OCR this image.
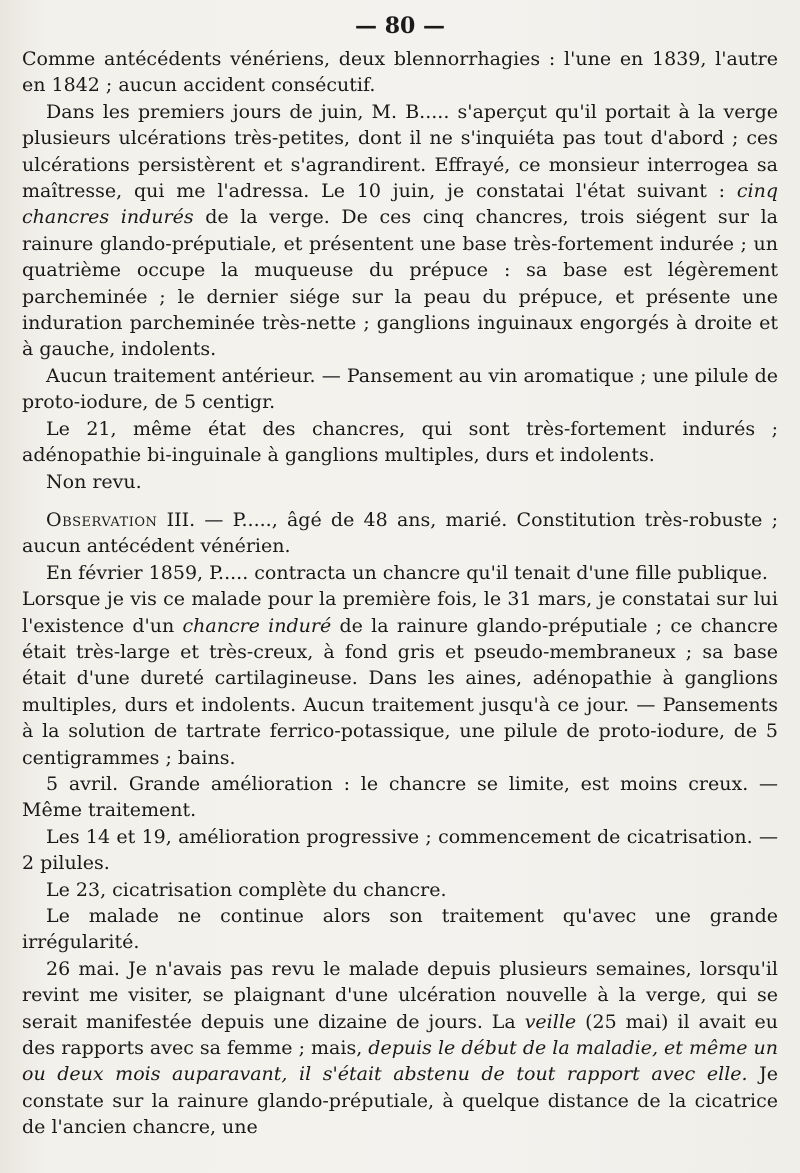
— 80 —

Comme antécédents vénériens, deux blennorrhagies : l'une en 1839, l'autre en 1842 ; aucun accident consécutif.

Dans les premiers jours de juin, M. B..... s'aperçut qu'il portait à la verge plusieurs ulcérations très-petites, dont il ne s'inquiéta pas tout d'abord ; ces ulcérations persistèrent et s'agrandirent. Effrayé, ce monsieur interrogea sa maîtresse, qui me l'adressa. Le 10 juin, je constatai l'état suivant : cinq chancres indurés de la verge. De ces cinq chancres, trois siégent sur la rainure glando-préputiale, et présentent une base très-fortement indurée ; un quatrième occupe la muqueuse du prépuce : sa base est légèrement parcheminée ; le dernier siége sur la peau du prépuce, et présente une induration parcheminée très-nette ; ganglions inguinaux engorgés à droite et à gauche, indolents.

Aucun traitement antérieur. — Pansement au vin aromatique ; une pilule de proto-iodure, de 5 centigr.

Le 21, même état des chancres, qui sont très-fortement indurés ; adénopathie bi-inguinale à ganglions multiples, durs et indolents.

Non revu.

Observation III. — P....., âgé de 48 ans, marié. Constitution très-robuste ; aucun antécédent vénérien.

En février 1859, P..... contracta un chancre qu'il tenait d'une fille publique.

Lorsque je vis ce malade pour la première fois, le 31 mars, je constatai sur lui l'existence d'un chancre induré de la rainure glando-préputiale ; ce chancre était très-large et très-creux, à fond gris et pseudo-membraneux ; sa base était d'une dureté cartilagineuse. Dans les aines, adénopathie à ganglions multiples, durs et indolents. Aucun traitement jusqu'à ce jour. — Pansements à la solution de tartrate ferrico-potassique, une pilule de proto-iodure, de 5 centigrammes ; bains.

5 avril. Grande amélioration : le chancre se limite, est moins creux. — Même traitement.

Les 14 et 19, amélioration progressive ; commencement de cicatrisation. — 2 pilules.

Le 23, cicatrisation complète du chancre.

Le malade ne continue alors son traitement qu'avec une grande irrégularité.

26 mai. Je n'avais pas revu le malade depuis plusieurs semaines, lorsqu'il revint me visiter, se plaignant d'une ulcération nouvelle à la verge, qui se serait manifestée depuis une dizaine de jours. La veille (25 mai) il avait eu des rapports avec sa femme ; mais, depuis le début de la maladie, et même un ou deux mois auparavant, il s'était abstenu de tout rapport avec elle. Je constate sur la rainure glando-préputiale, à quelque distance de la cicatrice de l'ancien chancre, une
